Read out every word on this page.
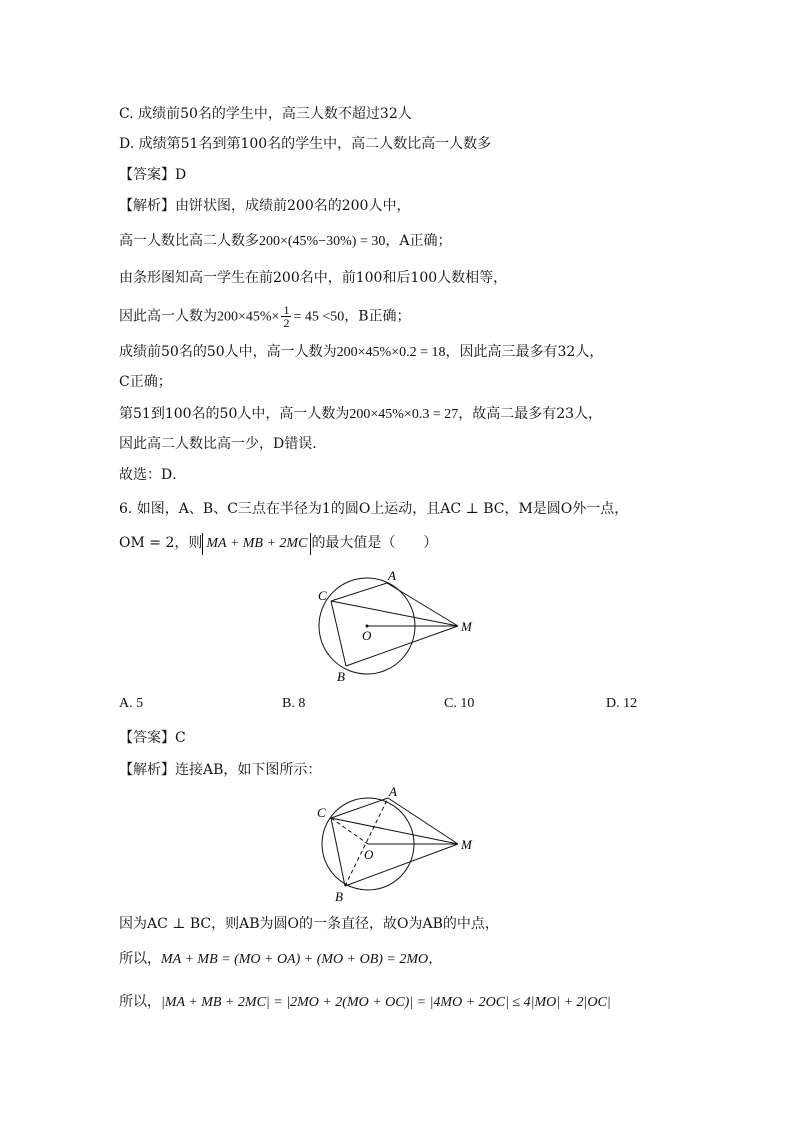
C. 成绩前50名的学生中，高三人数不超过32人
D. 成绩第51名到第100名的学生中，高二人数比高一人数多
【答案】D
【解析】由饼状图，成绩前200名的200人中，
高一人数比高二人数多200×(45%−30%) = 30，A正确；
由条形图知高一学生在前200名中，前100和后100人数相等，
因此高一人数为$200\times 45\%\times \frac{1}{2} = 45 <50$，B正确；
成绩前50名的50人中，高一人数为200×45%×0.2 = 18，因此高三最多有32人，
C正确；
第51到100名的50人中，高一人数为200×45%×0.3 = 27，故高二最多有23人，
因此高二人数比高一少，D错误．
故选：D．
6. 如图，A、B、C三点在半径为1的圆O上运动，且AC ⊥ BC，M是圆O外一点，
OM = 2，则 MA + MB + 2MC 的最大值是（　　）
A
C
B
O
M
A. 5	B. 8	C. 10	D. 12
【答案】C
【解析】连接AB，如下图所示：
A
C
B
O
M
因为AC ⊥ BC，则AB为圆O的一条直径，故O为AB的中点，
所以，MA + MB = (MO + OA) + (MO + OB) = 2MO，
所以，|MA + MB + 2MC| = |2MO + 2(MO + OC)| = |4MO + 2OC| ≤ 4|MO| + 2|OC|
